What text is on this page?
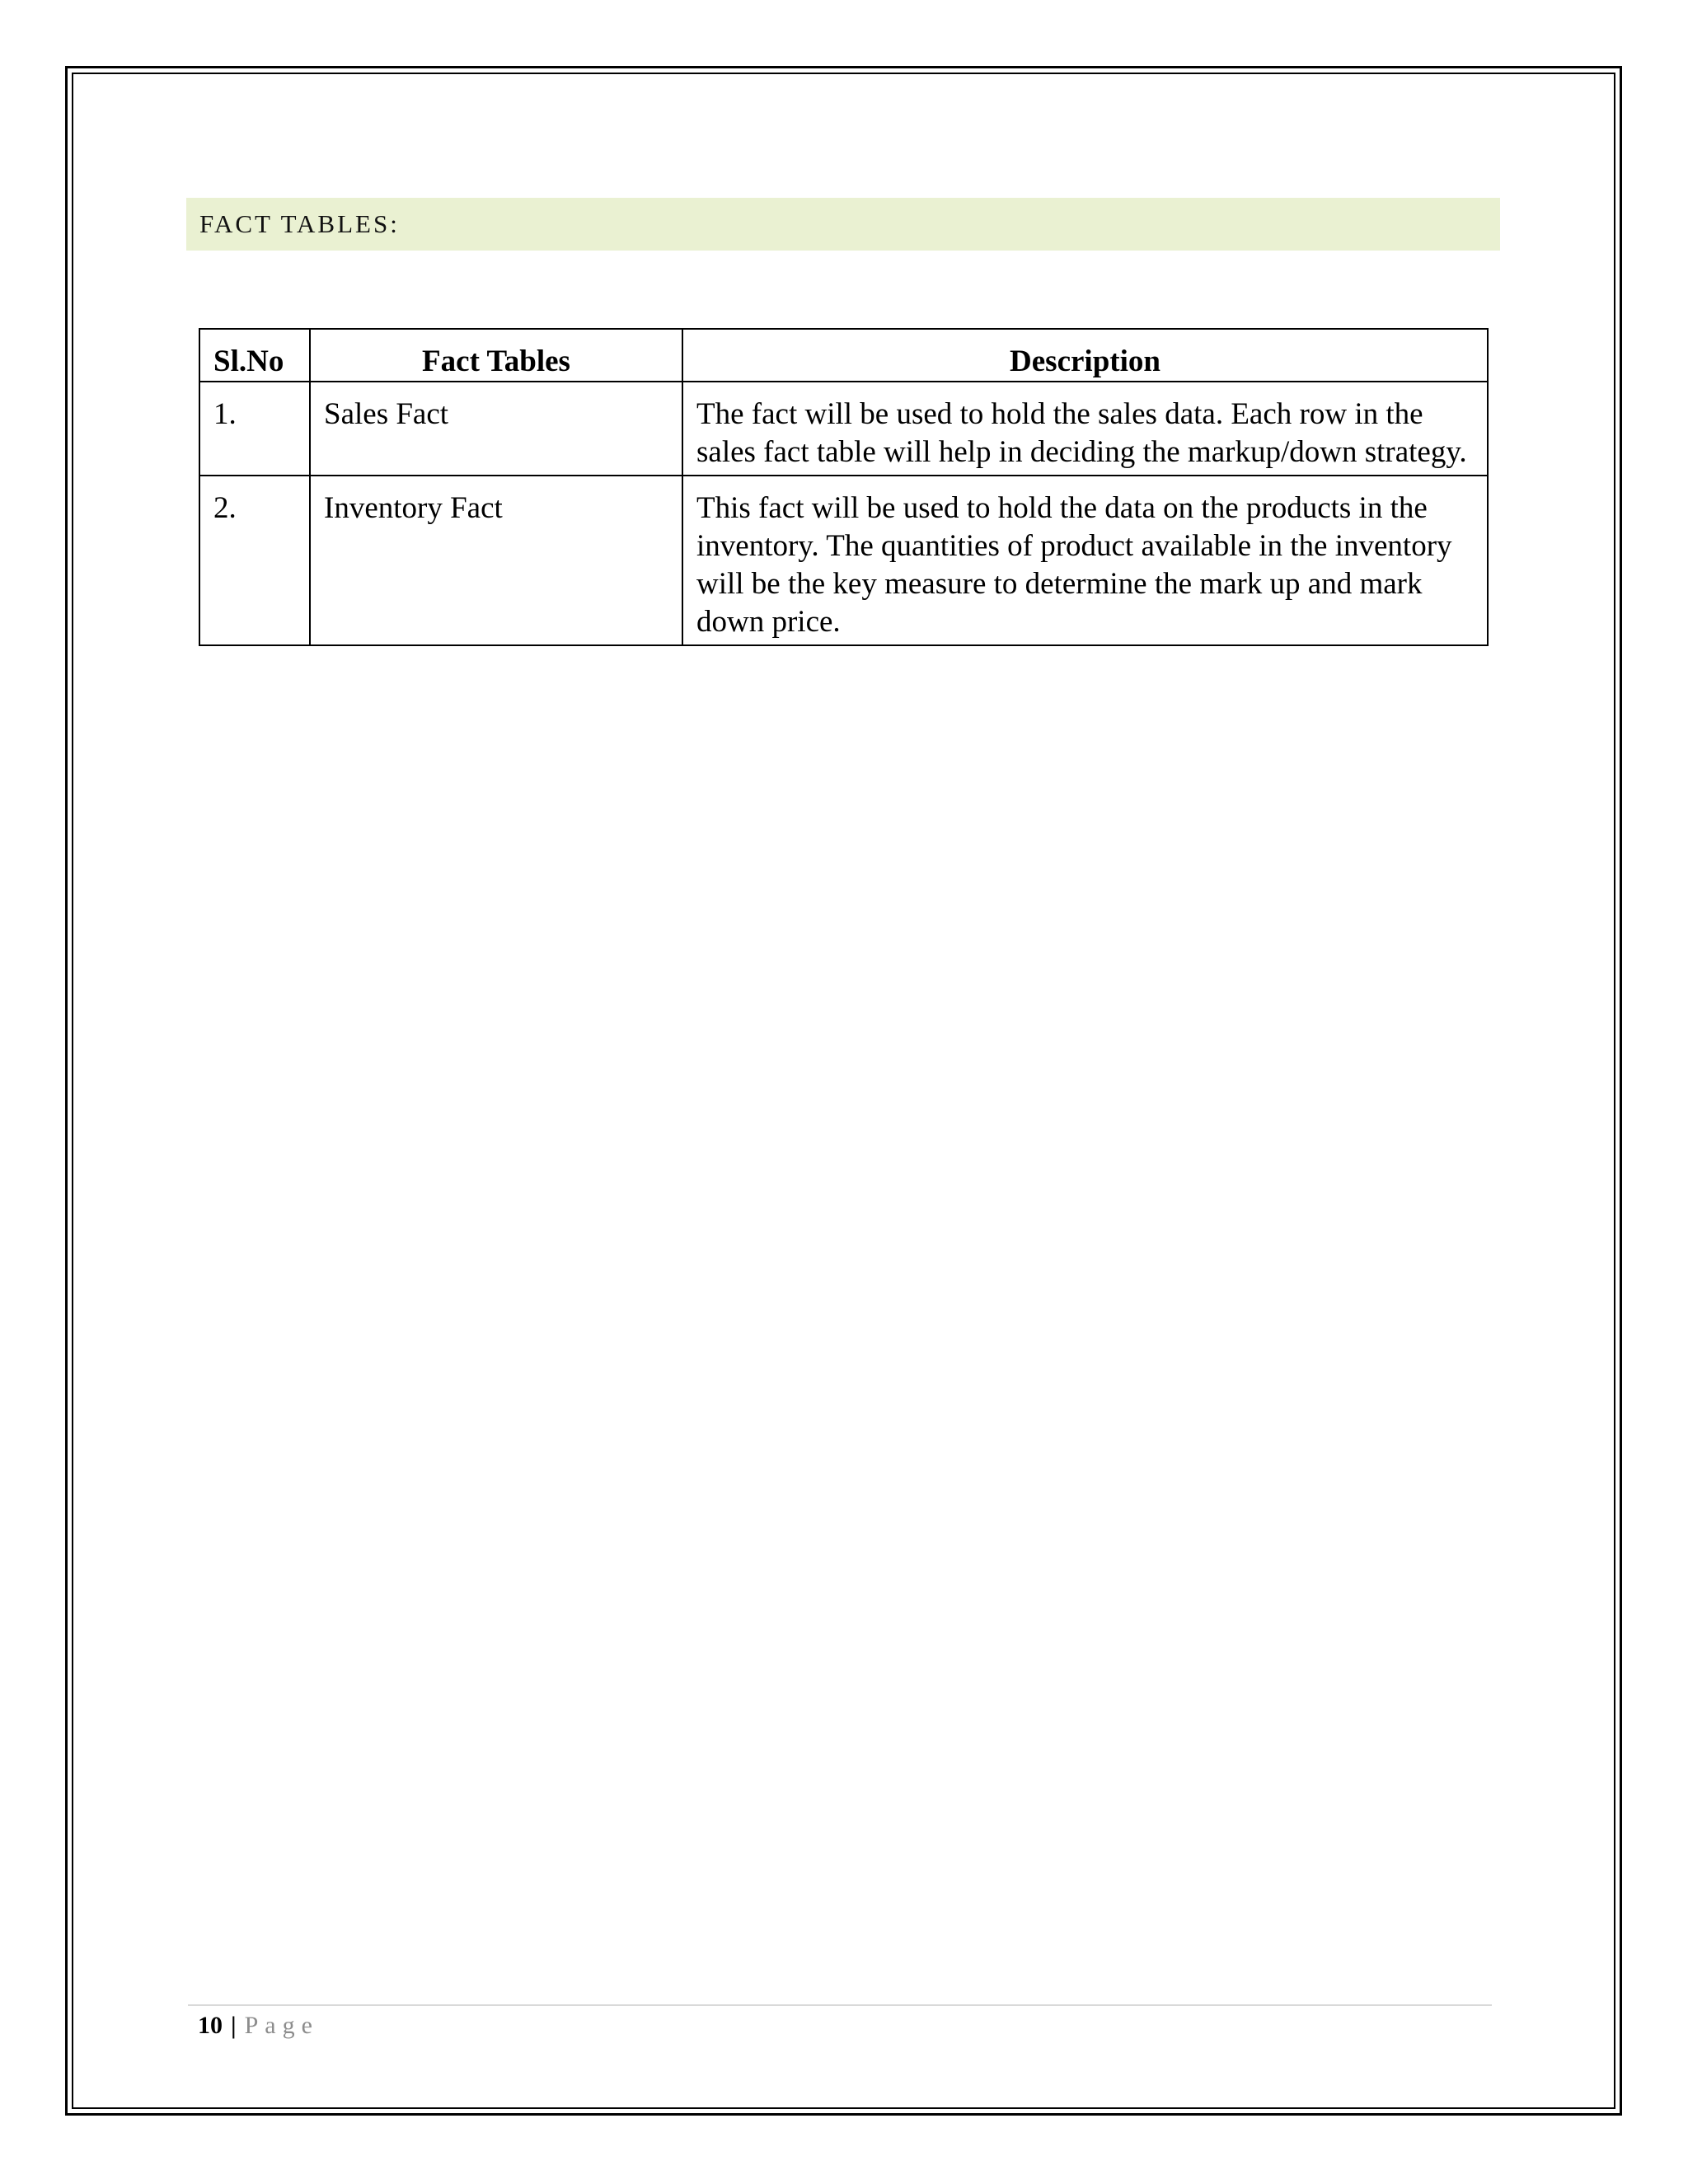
FACT TABLES:
Sl.No	Fact Tables	Description
1.	Sales Fact	The fact will be used to hold the sales data. Each row in the sales fact table will help in deciding the markup/down strategy.
2.	Inventory Fact	This fact will be used to hold the data on the products in the inventory. The quantities of product available in the inventory will be the key measure to determine the mark up and mark down price.
10 | Page
